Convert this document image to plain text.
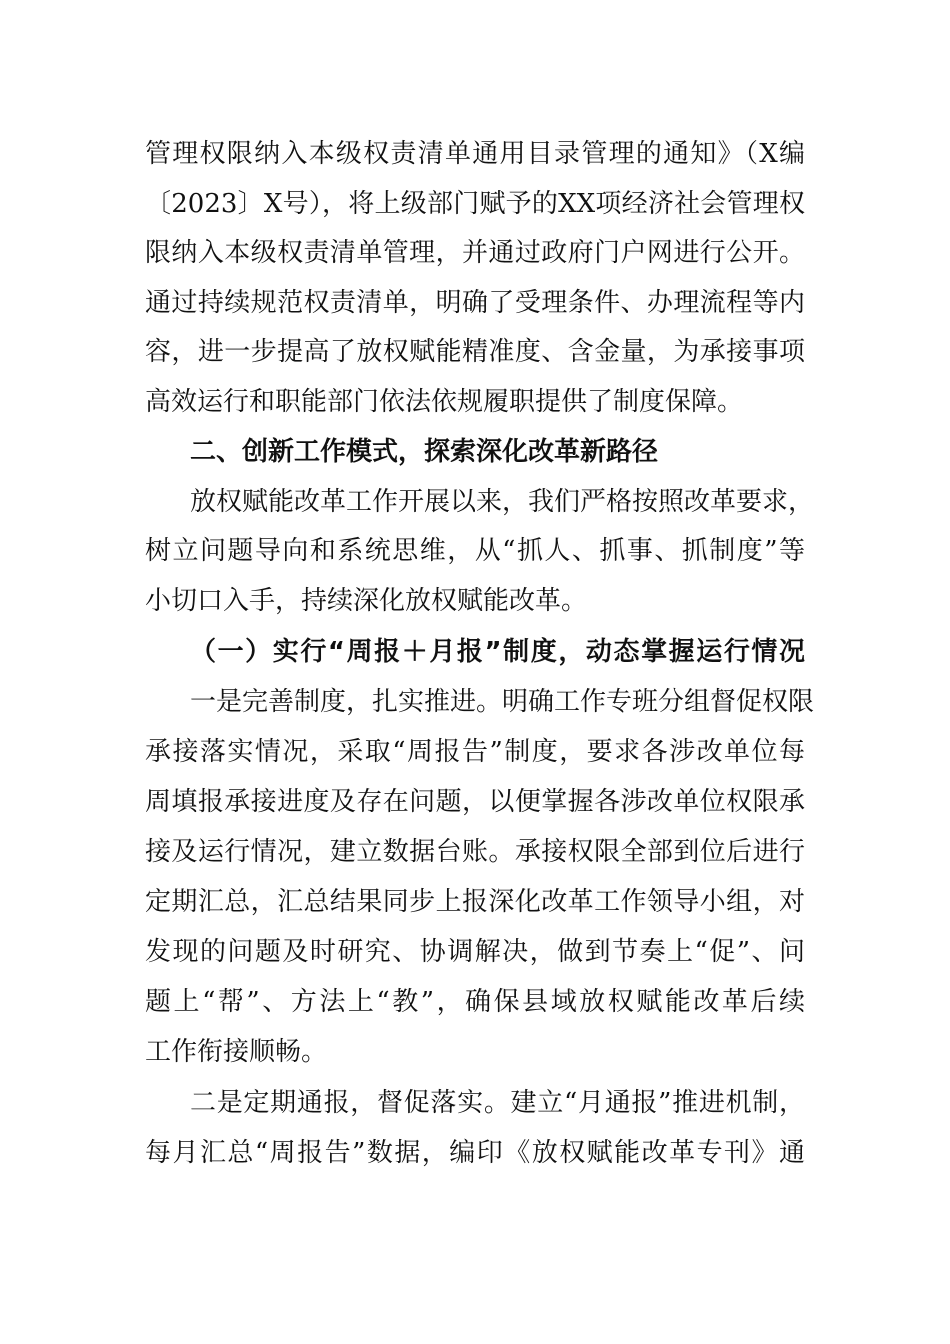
管理权限纳入本级权责清单通用目录管理的通知》（X编
〔2023〕X号），将上级部门赋予的XX项经济社会管理权
限纳入本级权责清单管理，并通过政府门户网进行公开。
通过持续规范权责清单，明确了受理条件、办理流程等内
容，进一步提高了放权赋能精准度、含金量，为承接事项
高效运行和职能部门依法依规履职提供了制度保障。
二、创新工作模式，探索深化改革新路径
放权赋能改革工作开展以来，我们严格按照改革要求，
树立问题导向和系统思维，从“抓人、抓事、抓制度”等
小切口入手，持续深化放权赋能改革。
（一）实行“周报＋月报”制度，动态掌握运行情况
一是完善制度，扎实推进。明确工作专班分组督促权限
承接落实情况，采取“周报告”制度，要求各涉改单位每
周填报承接进度及存在问题，以便掌握各涉改单位权限承
接及运行情况，建立数据台账。承接权限全部到位后进行
定期汇总，汇总结果同步上报深化改革工作领导小组，对
发现的问题及时研究、协调解决，做到节奏上“促”、问
题上“帮”、方法上“教”，确保县域放权赋能改革后续
工作衔接顺畅。
二是定期通报，督促落实。建立“月通报”推进机制，
每月汇总“周报告”数据，编印《放权赋能改革专刊》通
